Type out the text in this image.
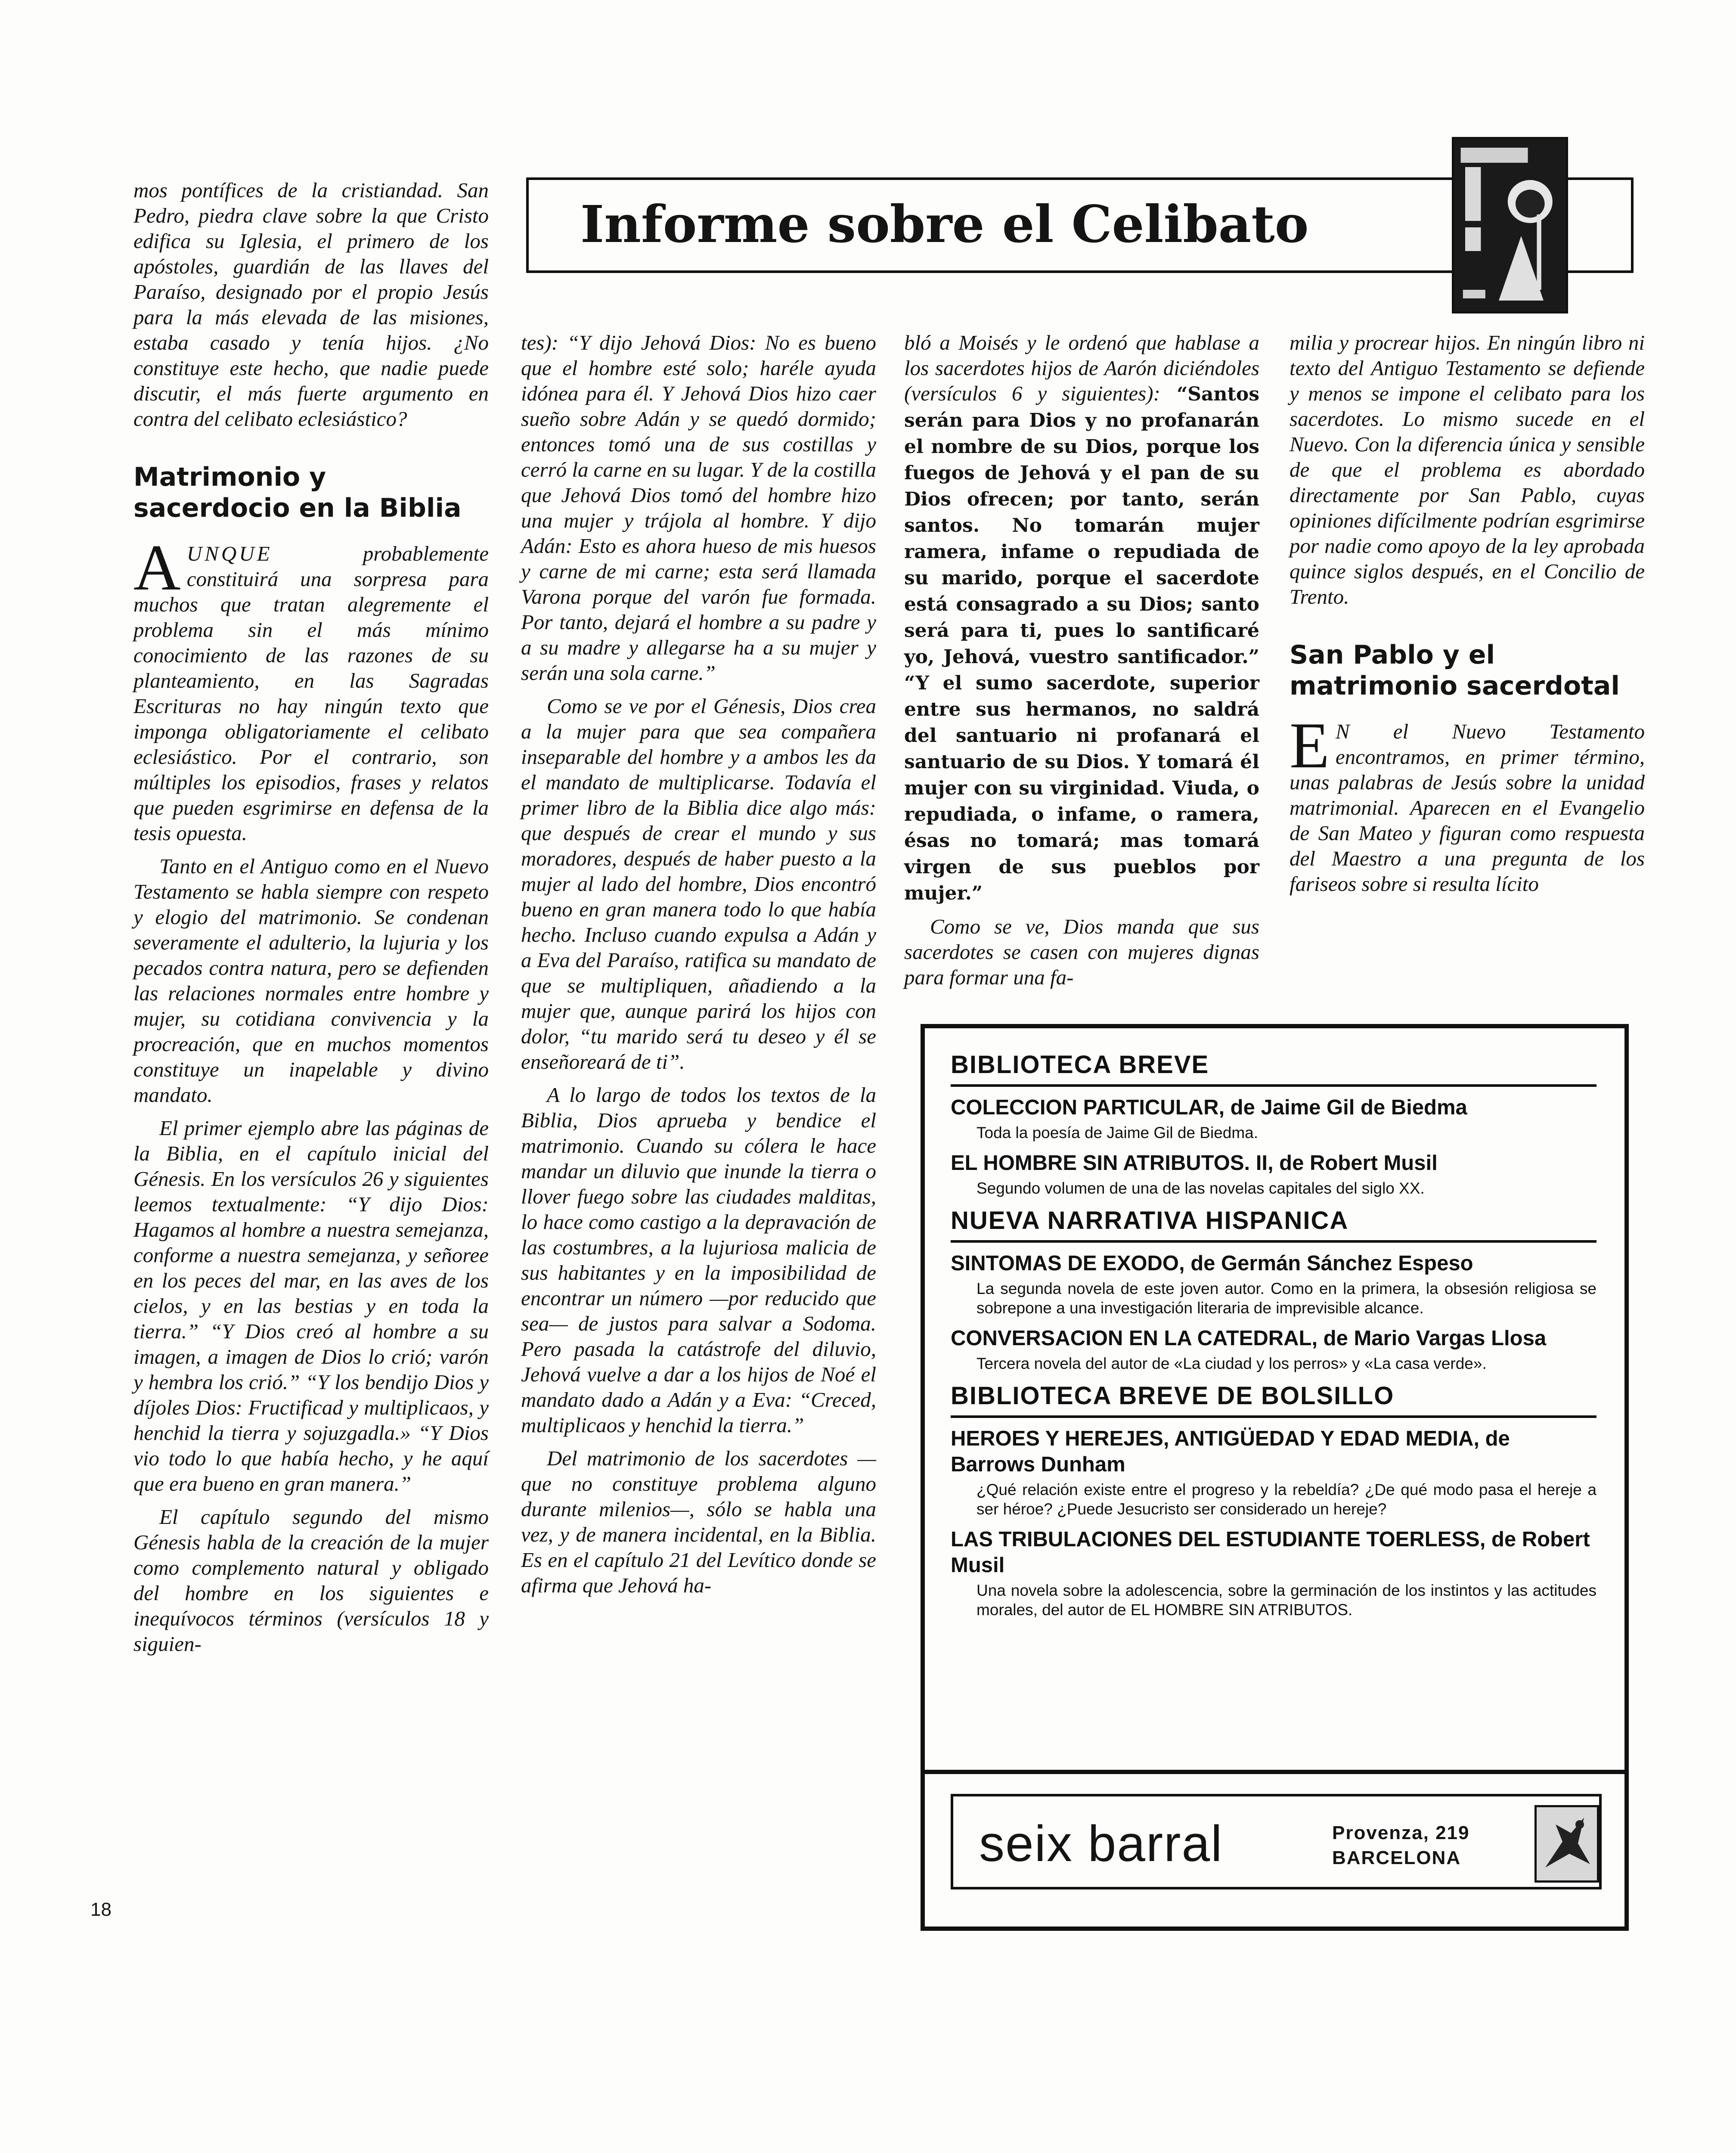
Informe sobre el Celibato

mos pontífices de la cristiandad. San Pedro, piedra clave sobre la que Cristo edifica su Iglesia, el primero de los apóstoles, guardián de las llaves del Paraíso, designado por el propio Jesús para la más elevada de las misiones, estaba casado y tenía hijos. ¿No constituye este hecho, que nadie puede discutir, el más fuerte argumento en contra del celibato eclesiástico?

Matrimonio y sacerdocio en la Biblia

AUNQUE probablemente constituirá una sorpresa para muchos que tratan alegremente el problema sin el más mínimo conocimiento de las razones de su planteamiento, en las Sagradas Escrituras no hay ningún texto que imponga obligatoriamente el celibato eclesiástico. Por el contrario, son múltiples los episodios, frases y relatos que pueden esgrimirse en defensa de la tesis opuesta.

Tanto en el Antiguo como en el Nuevo Testamento se habla siempre con respeto y elogio del matrimonio. Se condenan severamente el adulterio, la lujuria y los pecados contra natura, pero se defienden las relaciones normales entre hombre y mujer, su cotidiana convivencia y la procreación, que en muchos momentos constituye un inapelable y divino mandato.

El primer ejemplo abre las páginas de la Biblia, en el capítulo inicial del Génesis. En los versículos 26 y siguientes leemos textualmente: “Y dijo Dios: Hagamos al hombre a nuestra semejanza, conforme a nuestra semejanza, y señoree en los peces del mar, en las aves de los cielos, y en las bestias y en toda la tierra.” “Y Dios creó al hombre a su imagen, a imagen de Dios lo crió; varón y hembra los crió.” “Y los bendijo Dios y díjoles Dios: Fructificad y multiplicaos, y henchid la tierra y sojuzgadla.» “Y Dios vio todo lo que había hecho, y he aquí que era bueno en gran manera.”

El capítulo segundo del mismo Génesis habla de la creación de la mujer como complemento natural y obligado del hombre en los siguientes e inequívocos términos (versículos 18 y siguien-

tes): “Y dijo Jehová Dios: No es bueno que el hombre esté solo; haréle ayuda idónea para él. Y Jehová Dios hizo caer sueño sobre Adán y se quedó dormido; entonces tomó una de sus costillas y cerró la carne en su lugar. Y de la costilla que Jehová Dios tomó del hombre hizo una mujer y trájola al hombre. Y dijo Adán: Esto es ahora hueso de mis huesos y carne de mi carne; esta será llamada Varona porque del varón fue formada. Por tanto, dejará el hombre a su padre y a su madre y allegarse ha a su mujer y serán una sola carne.”

Como se ve por el Génesis, Dios crea a la mujer para que sea compañera inseparable del hombre y a ambos les da el mandato de multiplicarse. Todavía el primer libro de la Biblia dice algo más: que después de crear el mundo y sus moradores, después de haber puesto a la mujer al lado del hombre, Dios encontró bueno en gran manera todo lo que había hecho. Incluso cuando expulsa a Adán y a Eva del Paraíso, ratifica su mandato de que se multipliquen, añadiendo a la mujer que, aunque parirá los hijos con dolor, “tu marido será tu deseo y él se enseñoreará de ti”.

A lo largo de todos los textos de la Biblia, Dios aprueba y bendice el matrimonio. Cuando su cólera le hace mandar un diluvio que inunde la tierra o llover fuego sobre las ciudades malditas, lo hace como castigo a la depravación de las costumbres, a la lujuriosa malicia de sus habitantes y en la imposibilidad de encontrar un número —por reducido que sea— de justos para salvar a Sodoma. Pero pasada la catástrofe del diluvio, Jehová vuelve a dar a los hijos de Noé el mandato dado a Adán y a Eva: “Creced, multiplicaos y henchid la tierra.”

Del matrimonio de los sacerdotes —que no constituye problema alguno durante milenios—, sólo se habla una vez, y de manera incidental, en la Biblia. Es en el capítulo 21 del Levítico donde se afirma que Jehová ha-

bló a Moisés y le ordenó que hablase a los sacerdotes hijos de Aarón diciéndoles (versículos 6 y siguientes): “Santos serán para Dios y no profanarán el nombre de su Dios, porque los fuegos de Jehová y el pan de su Dios ofrecen; por tanto, serán santos. No tomarán mujer ramera, infame o repudiada de su marido, porque el sacerdote está consagrado a su Dios; santo será para ti, pues lo santificaré yo, Jehová, vuestro santificador.” “Y el sumo sacerdote, superior entre sus hermanos, no saldrá del santuario ni profanará el santuario de su Dios. Y tomará él mujer con su virginidad. Viuda, o repudiada, o infame, o ramera, ésas no tomará; mas tomará virgen de sus pueblos por mujer.”

Como se ve, Dios manda que sus sacerdotes se casen con mujeres dignas para formar una fa-

milia y procrear hijos. En ningún libro ni texto del Antiguo Testamento se defiende y menos se impone el celibato para los sacerdotes. Lo mismo sucede en el Nuevo. Con la diferencia única y sensible de que el problema es abordado directamente por San Pablo, cuyas opiniones difícilmente podrían esgrimirse por nadie como apoyo de la ley aprobada quince siglos después, en el Concilio de Trento.

San Pablo y el matrimonio sacerdotal

E N el Nuevo Testamento encontramos, en primer término, unas palabras de Jesús sobre la unidad matrimonial. Aparecen en el Evangelio de San Mateo y figuran como respuesta del Maestro a una pregunta de los fariseos sobre si resulta lícito

BIBLIOTECA BREVE
COLECCION PARTICULAR, de Jaime Gil de Biedma
Toda la poesía de Jaime Gil de Biedma.
EL HOMBRE SIN ATRIBUTOS. II, de Robert Musil
Segundo volumen de una de las novelas capitales del siglo XX.
NUEVA NARRATIVA HISPANICA
SINTOMAS DE EXODO, de Germán Sánchez Espeso
La segunda novela de este joven autor. Como en la primera, la obsesión religiosa se sobrepone a una investigación literaria de imprevisible alcance.
CONVERSACION EN LA CATEDRAL, de Mario Vargas Llosa
Tercera novela del autor de «La ciudad y los perros» y «La casa verde».
BIBLIOTECA BREVE DE BOLSILLO
HEROES Y HEREJES, ANTIGÜEDAD Y EDAD MEDIA, de Barrows Dunham
¿Qué relación existe entre el progreso y la rebeldía? ¿De qué modo pasa el hereje a ser héroe? ¿Puede Jesucristo ser considerado un hereje?
LAS TRIBULACIONES DEL ESTUDIANTE TOERLESS, de Robert Musil
Una novela sobre la adolescencia, sobre la germinación de los instintos y las actitudes morales, del autor de EL HOMBRE SIN ATRIBUTOS.
seix barral	Provenza, 219
BARCELONA
18
